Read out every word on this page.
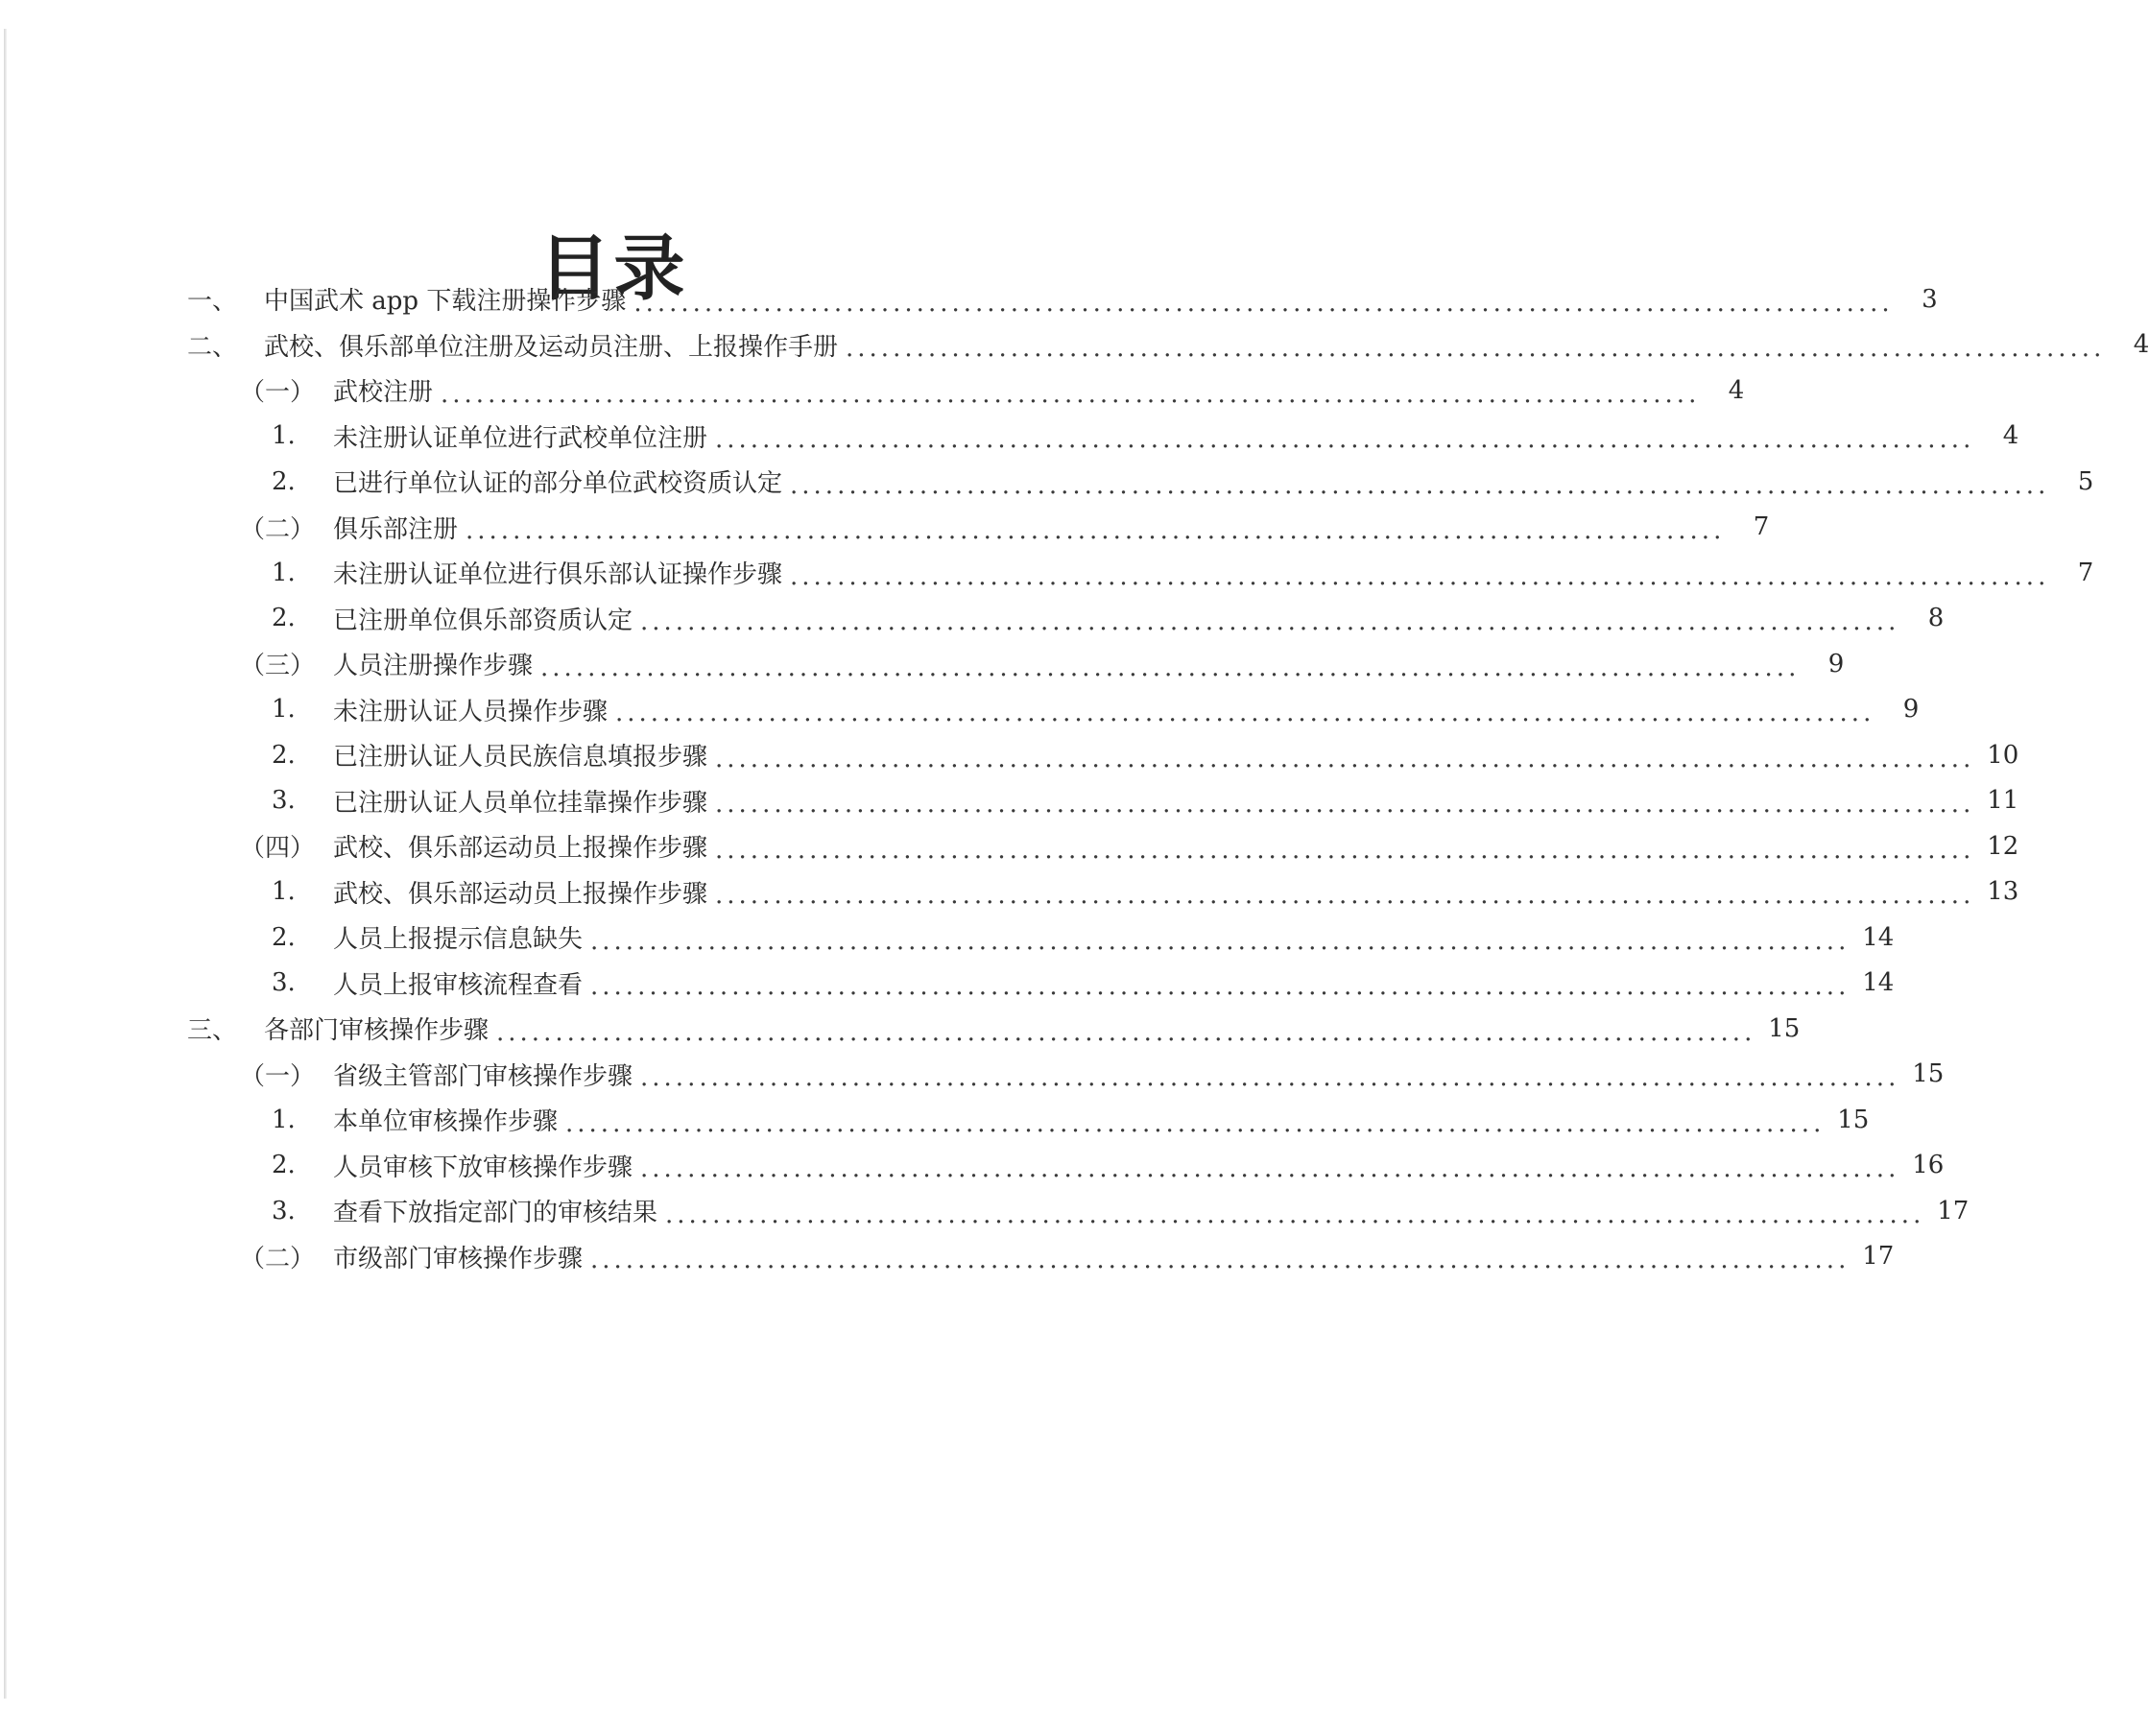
目录
一、	中国武术 app 下载注册操作步骤 ...........................................................................................................	3
二、	武校、俱乐部单位注册及运动员注册、上报操作手册 ...........................................................................................................	4
（一） 武校注册 ...........................................................................................................	4
1.	未注册认证单位进行武校单位注册 ...........................................................................................................	4
2.	已进行单位认证的部分单位武校资质认定 ...........................................................................................................	5
（二） 俱乐部注册 ...........................................................................................................	7
1.	未注册认证单位进行俱乐部认证操作步骤 ...........................................................................................................	7
2.	已注册单位俱乐部资质认定 ...........................................................................................................	8
（三） 人员注册操作步骤 ...........................................................................................................	9
1.	未注册认证人员操作步骤 ...........................................................................................................	9
2.	已注册认证人员民族信息填报步骤 ........................................................................................................... 10
3.	已注册认证人员单位挂靠操作步骤 ........................................................................................................... 11
（四） 武校、俱乐部运动员上报操作步骤 ........................................................................................................... 12
1.	武校、俱乐部运动员上报操作步骤 ........................................................................................................... 13
2.	人员上报提示信息缺失 ........................................................................................................... 14
3.	人员上报审核流程查看 ........................................................................................................... 14
三、	各部门审核操作步骤 ........................................................................................................... 15
（一） 省级主管部门审核操作步骤 ........................................................................................................... 15
1.	本单位审核操作步骤 ........................................................................................................... 15
2.	人员审核下放审核操作步骤 ........................................................................................................... 16
3.	查看下放指定部门的审核结果 ........................................................................................................... 17
（二） 市级部门审核操作步骤 ........................................................................................................... 17
